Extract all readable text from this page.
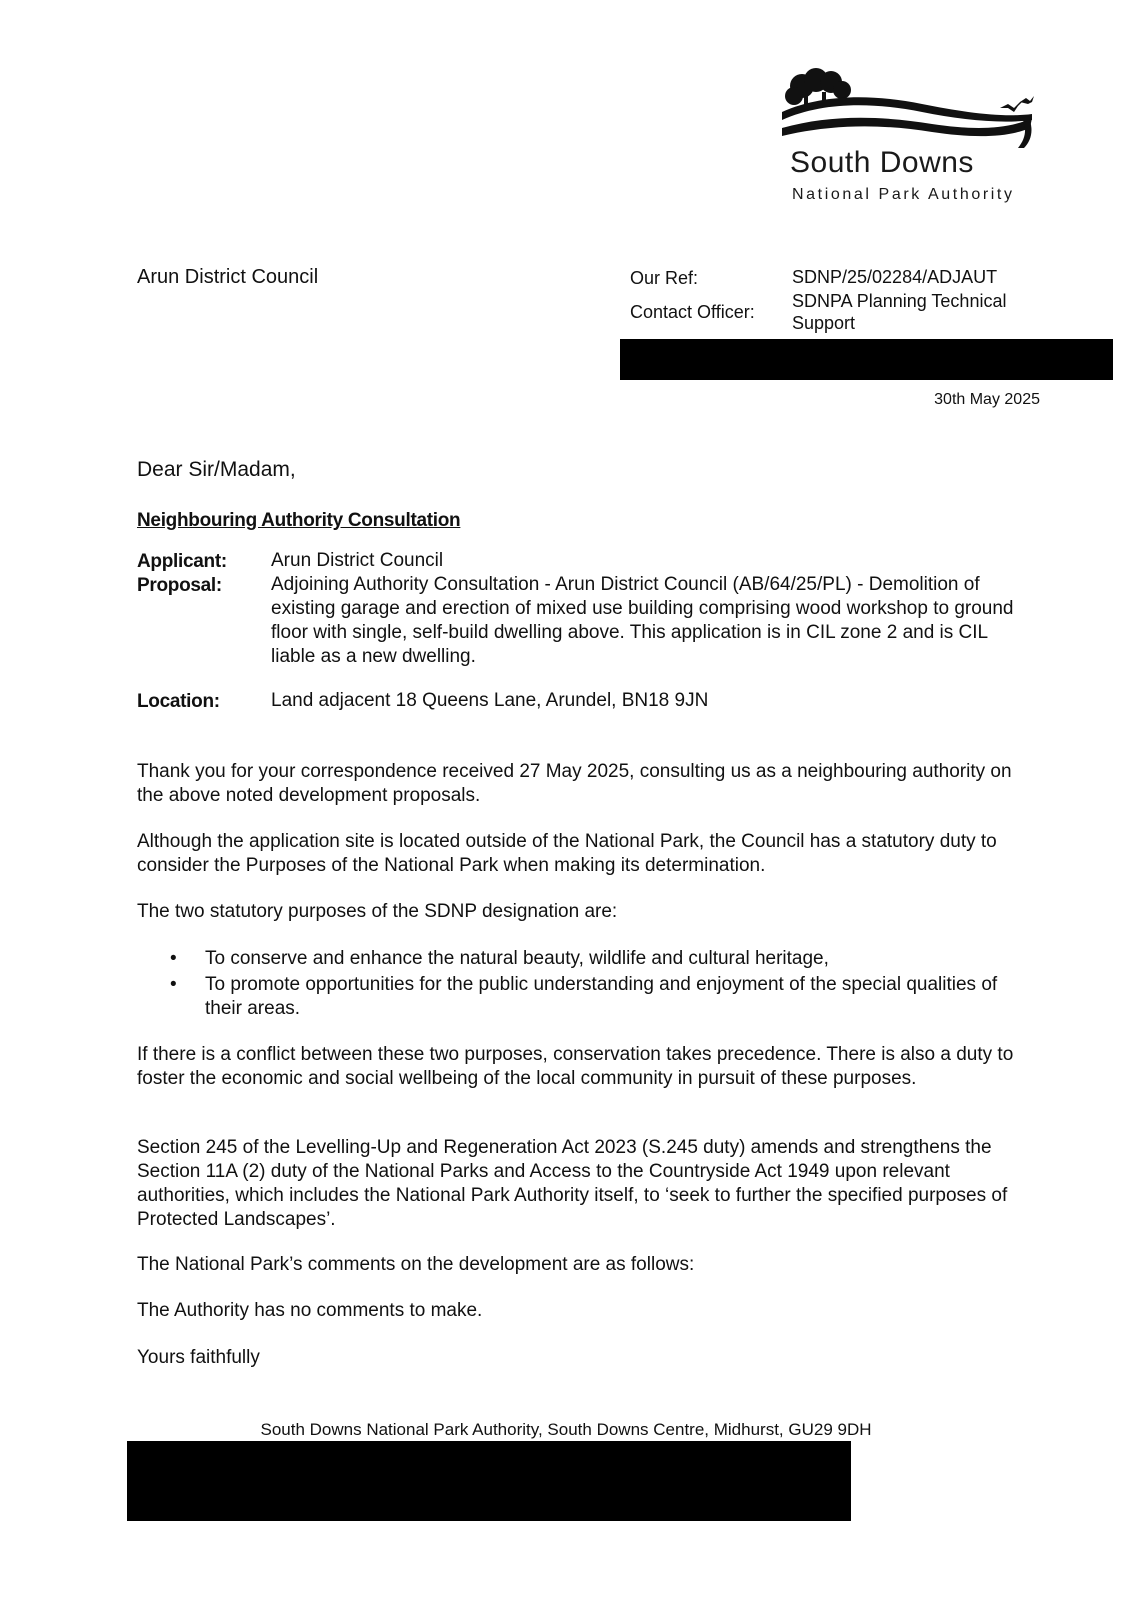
South Downs
National Park Authority
Arun District Council	Our Ref:	SDNP/25/02284/ADJAUT
Contact Officer:
SDNPA Planning Technical
Support
30th May 2025
Dear Sir/Madam,
Neighbouring Authority Consultation
Applicant: Arun District Council
Proposal:	Adjoining Authority Consultation - Arun District Council (AB/64/25/PL) - Demolition of existing garage and erection of mixed use building comprising wood workshop to ground floor with single, self-build dwelling above. This application is in CIL zone 2 and is CIL liable as a new dwelling.
Location:	Land adjacent 18 Queens Lane, Arundel, BN18 9JN
Thank you for your correspondence received 27 May 2025, consulting us as a neighbouring authority on the above noted development proposals.
Although the application site is located outside of the National Park, the Council has a statutory duty to consider the Purposes of the National Park when making its determination.
The two statutory purposes of the SDNP designation are:
• To conserve and enhance the natural beauty, wildlife and cultural heritage,
• To promote opportunities for the public understanding and enjoyment of the special qualities of their areas.
If there is a conflict between these two purposes, conservation takes precedence. There is also a duty to foster the economic and social wellbeing of the local community in pursuit of these purposes.
Section 245 of the Levelling-Up and Regeneration Act 2023 (S.245 duty) amends and strengthens the Section 11A (2) duty of the National Parks and Access to the Countryside Act 1949 upon relevant authorities, which includes the National Park Authority itself, to ‘seek to further the specified purposes of Protected Landscapes’.
The National Park’s comments on the development are as follows:
The Authority has no comments to make.
Yours faithfully
South Downs National Park Authority, South Downs Centre, Midhurst, GU29 9DH
